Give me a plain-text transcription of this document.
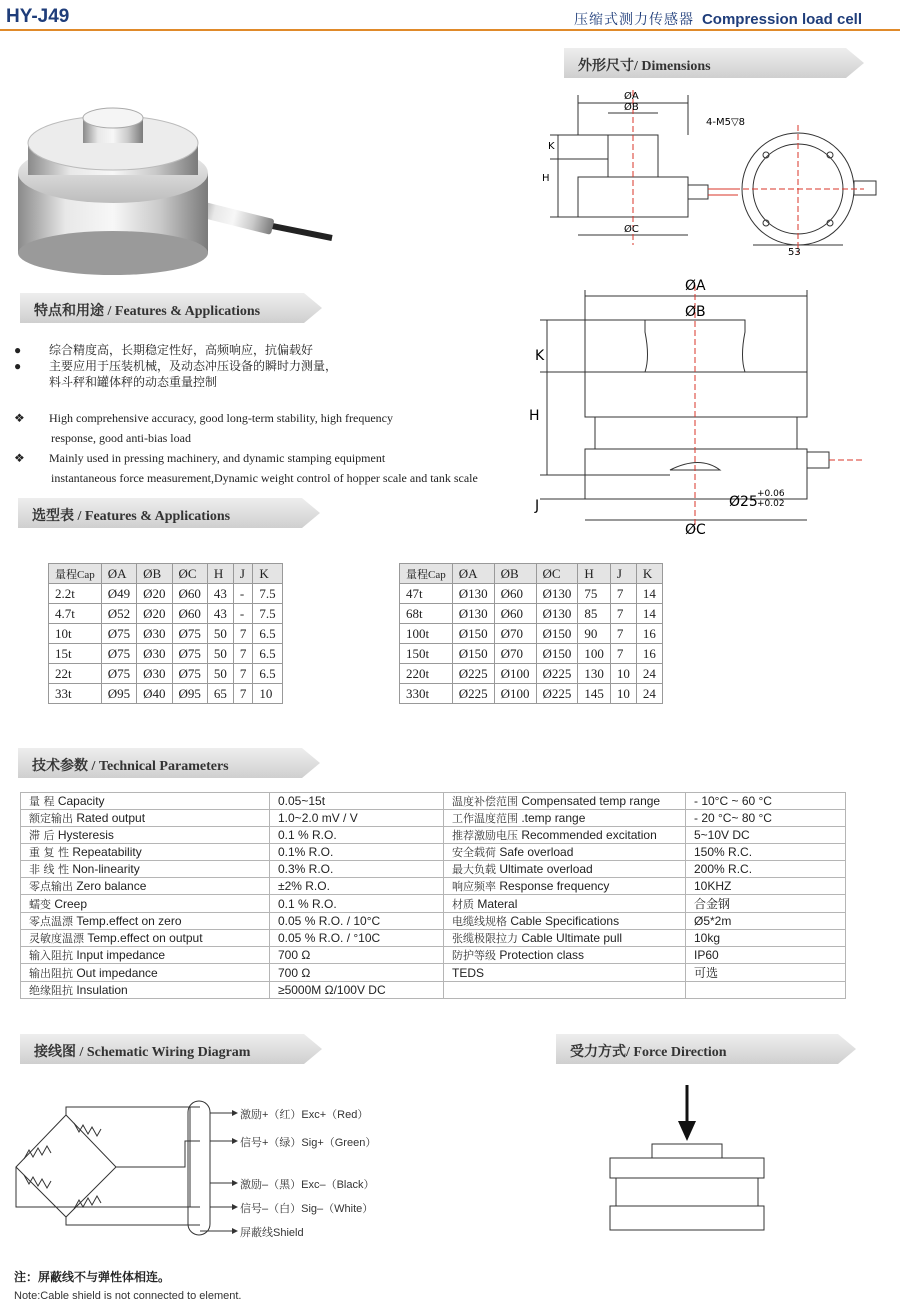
HY-J49	压缩式测力传感器 Compression load cell
外形尺寸/ Dimensions
ØA
ØB
ØC
H
K
4-M5▽8
53
ØA
ØB
ØC
H
K
J	Ø25 +0.06
+0.02
特点和用途 / Features & Applications
● 综合精度高，长期稳定性好，高频响应，抗偏载好
● 主要应用于压装机械，及动态冲压设备的瞬时力测量，
料斗秤和罐体秤的动态重量控制
❖ High comprehensive accuracy, good long-term stability, high frequency
response, good anti-bias load
❖ Mainly used in pressing machinery, and dynamic stamping equipment
instantaneous force measurement,Dynamic weight control of hopper scale and tank scale
选型表 / Features & Applications
量程Cap	ØA	ØB	ØC	H	J	K
2.2t	Ø49	Ø20	Ø60	43	-	7.5
4.7t	Ø52	Ø20	Ø60	43	-	7.5
10t	Ø75	Ø30	Ø75	50	7	6.5
15t	Ø75	Ø30	Ø75	50	7	6.5
22t	Ø75	Ø30	Ø75	50	7	6.5
33t	Ø95	Ø40	Ø95	65	7	10
量程Cap	ØA	ØB	ØC	H	J	K
47t	Ø130	Ø60	Ø130	75	7	14
68t	Ø130	Ø60	Ø130	85	7	14
100t	Ø150	Ø70	Ø150	90	7	16
150t	Ø150	Ø70	Ø150	100	7	16
220t	Ø225	Ø100	Ø225	130	10	24
330t	Ø225	Ø100	Ø225	145	10	24
技术参数 / Technical Parameters
量 程 Capacity	0.05~15t	温度补偿范围 Compensated temp range	- 10°C ~ 60 °C
额定输出 Rated output	1.0~2.0 mV / V	工作温度范围 .temp range	- 20 °C~ 80 °C
滞 后 Hysteresis	0.1 % R.O.	推荐激励电压 Recommended excitation	5~10V DC
重 复 性 Repeatability	0.1% R.O.	安全载荷 Safe overload	150% R.C.
非 线 性 Non-linearity	0.3% R.O.	最大负载 Ultimate overload	200% R.C.
零点输出 Zero balance	±2% R.O.	响应频率 Response frequency	10KHZ
蠕变 Creep	0.1 % R.O.	材质 Materal	合金钢
零点温漂 Temp.effect on zero	0.05 % R.O. / 10°C	电缆线规格 Cable Specifications	Ø5*2m
灵敏度温漂 Temp.effect on output	0.05 % R.O. / °10C	张缆极限拉力 Cable Ultimate pull	10kg
输入阻抗 Input impedance	700 Ω	防护等级 Protection class	IP60
输出阻抗 Out impedance	700 Ω	TEDS	可选
绝缘阻抗 Insulation	≥5000M Ω/100V DC		
接线图 / Schematic Wiring Diagram
激励+（红）Exc+（Red）
信号+（绿）Sig+（Green）
激励–（黑）Exc–（Black）
信号–（白）Sig–（White）
屏蔽线Shield
受力方式/ Force Direction
注：屏蔽线不与弹性体相连。
Note:Cable shield is not connected to element.
